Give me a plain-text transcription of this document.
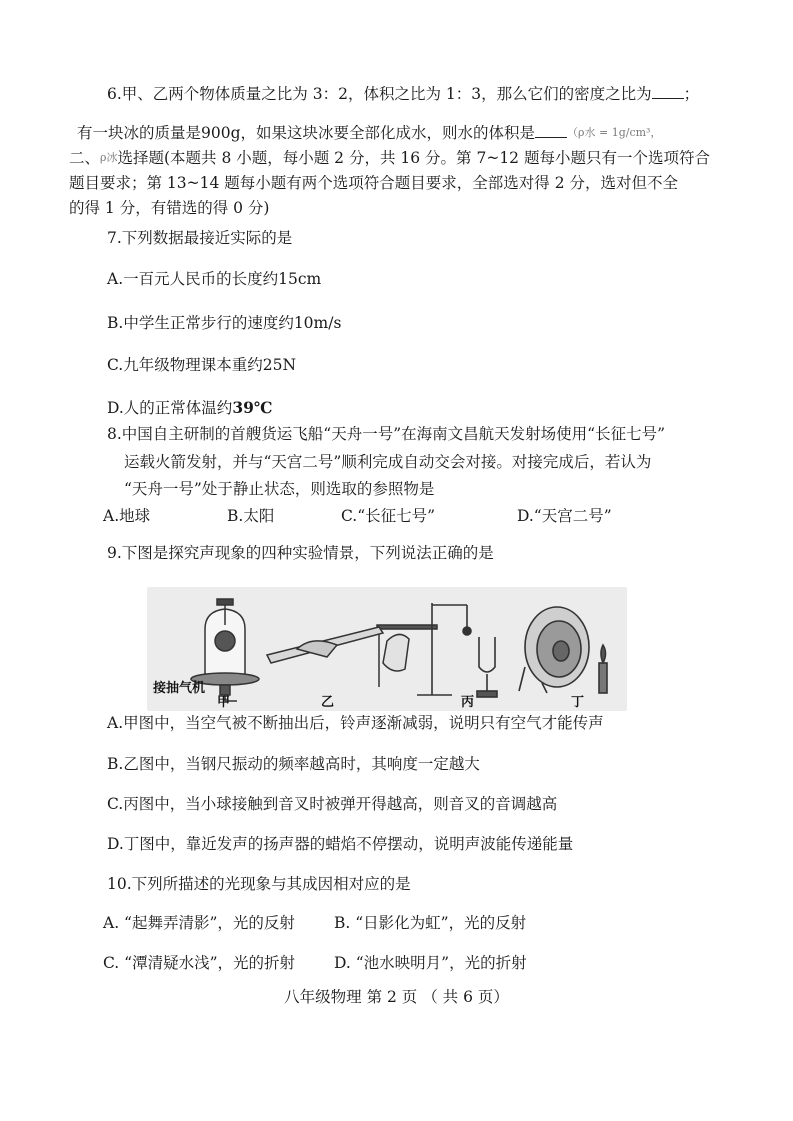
6.甲、乙两个物体质量之比为 3：2，体积之比为 1：3，那么它们的密度之比为 ；
有一块冰的质量是900g，如果这块冰要全部化成水，则水的体积是	（ρ水 = 1g/cm³，
二、ρ冰选择题(本题共 8 小题，每小题 2 分，共 16 分。第 7~12 题每小题只有一个选项符合
题目要求；第 13~14 题每小题有两个选项符合题目要求，全部选对得 2 分，选对但不全
的得 1 分，有错选的得 0 分)
7.下列数据最接近实际的是
A.一百元人民币的长度约15cm
B.中学生正常步行的速度约10m/s
C.九年级物理课本重约25N
D.人的正常体温约39℃
8.中国自主研制的首艘货运飞船“天舟一号”在海南文昌航天发射场使用“长征七号”
运载火箭发射，并与“天宫二号”顺利完成自动交会对接。对接完成后，若认为
“天舟一号”处于静止状态，则选取的参照物是
A.地球	B.太阳	C.“长征七号”	D.“天宫二号”
9.下图是探究声现象的四种实验情景，下列说法正确的是
接抽气机
甲	乙	丙	丁
A.甲图中，当空气被不断抽出后，铃声逐渐减弱，说明只有空气才能传声
B.乙图中，当钢尺振动的频率越高时，其响度一定越大
C.丙图中，当小球接触到音叉时被弹开得越高，则音叉的音调越高
D.丁图中，靠近发声的扬声器的蜡焰不停摆动，说明声波能传递能量
10.下列所描述的光现象与其成因相对应的是
A. “起舞弄清影”，光的反射	B. “日影化为虹”，光的反射
C. “潭清疑水浅”，光的折射	D. “池水映明月”，光的折射
八年级物理 第 2 页 （ 共 6 页）
